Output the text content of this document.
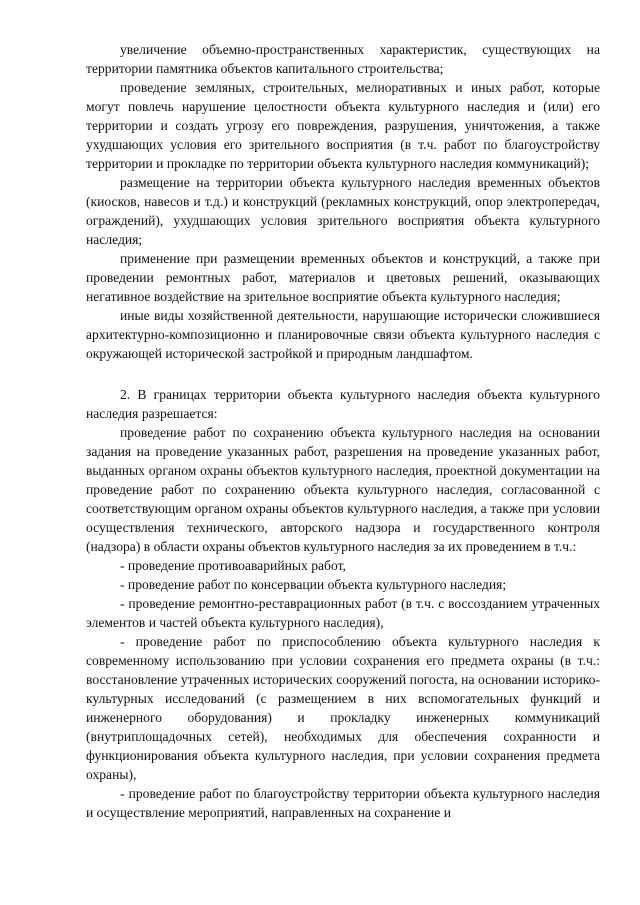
увеличение объемно-пространственных характеристик, существующих на территории памятника объектов капитального строительства;

проведение земляных, строительных, мелиоративных и иных работ, которые могут повлечь нарушение целостности объекта культурного наследия и (или) его территории и создать угрозу его повреждения, разрушения, уничтожения, а также ухудшающих условия его зрительного восприятия (в т.ч. работ по благоустройству территории и прокладке по территории объекта культурного наследия коммуникаций);

размещение на территории объекта культурного наследия временных объектов (киосков, навесов и т.д.) и конструкций (рекламных конструкций, опор электропередач, ограждений), ухудшающих условия зрительного восприятия объекта культурного наследия;

применение при размещении временных объектов и конструкций, а также при проведении ремонтных работ, материалов и цветовых решений, оказывающих негативное воздействие на зрительное восприятие объекта культурного наследия;

иные виды хозяйственной деятельности, нарушающие исторически сложившиеся архитектурно-композиционно и планировочные связи объекта культурного наследия с окружающей исторической застройкой и природным ландшафтом.

2. В границах территории объекта культурного наследия объекта культурного наследия разрешается:

проведение работ по сохранению объекта культурного наследия на основании задания на проведение указанных работ, разрешения на проведение указанных работ, выданных органом охраны объектов культурного наследия, проектной документации на проведение работ по сохранению объекта культурного наследия, согласованной с соответствующим органом охраны объектов культурного наследия, а также при условии осуществления технического, авторского надзора и государственного контроля (надзора) в области охраны объектов культурного наследия за их проведением в т.ч.:

- проведение противоаварийных работ,

- проведение работ по консервации объекта культурного наследия;

- проведение ремонтно-реставрационных работ (в т.ч. с воссозданием утраченных элементов и частей объекта культурного наследия),

- проведение работ по приспособлению объекта культурного наследия к современному использованию при условии сохранения его предмета охраны (в т.ч.: восстановление утраченных исторических сооружений погоста, на основании историко-культурных исследований (с размещением в них вспомогательных функций и инженерного оборудования) и прокладку инженерных коммуникаций (внутриплощадочных сетей), необходимых для обеспечения сохранности и функционирования объекта культурного наследия, при условии сохранения предмета охраны),

- проведение работ по благоустройству территории объекта культурного наследия и осуществление мероприятий, направленных на сохранение и
